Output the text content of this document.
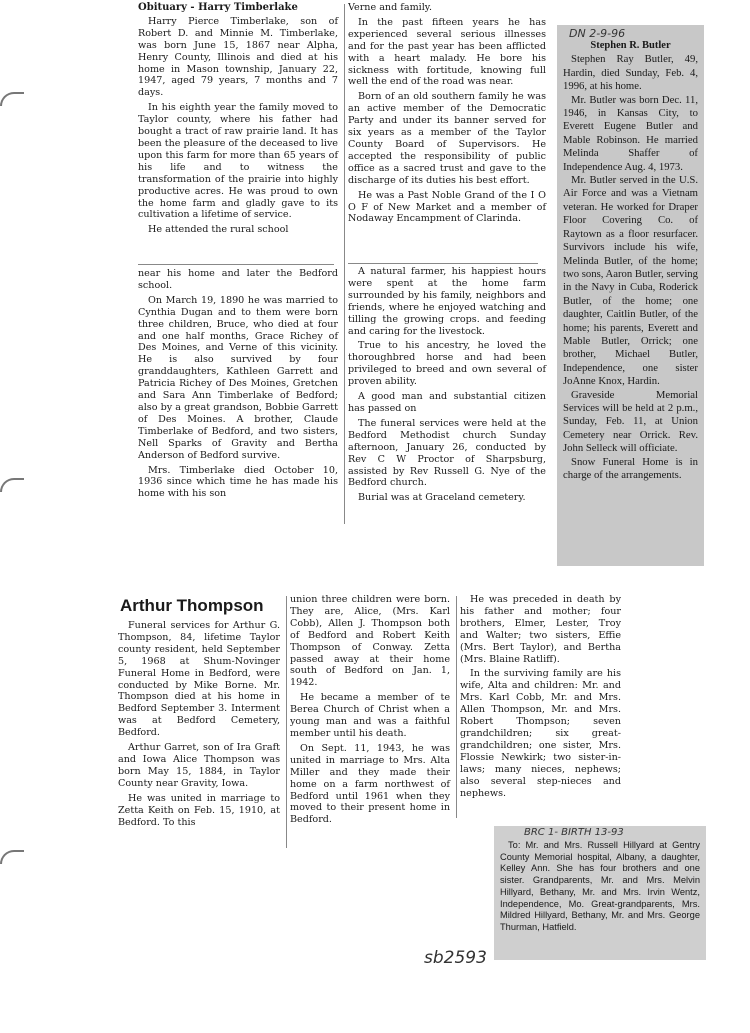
Obituary - Harry Timberlake

Harry Pierce Timberlake, son of Robert D. and Minnie M. Timberlake, was born June 15, 1867 near Alpha, Henry County, Illinois and died at his home in Mason township, January 22, 1947, aged 79 years, 7 months and 7 days.

In his eighth year the family moved to Taylor county, where his father had bought a tract of raw prairie land. It has been the pleasure of the deceased to live upon this farm for more than 65 years of his life and to witness the transformation of the prairie into highly productive acres. He was proud to own the home farm and gladly gave to its cultivation a lifetime of service.

He attended the rural school

near his home and later the Bedford school.

On March 19, 1890 he was married to Cynthia Dugan and to them were born three children, Bruce, who died at four and one half months, Grace Richey of Des Moines, and Verne of this vicinity. He is also survived by four granddaughters, Kathleen Garrett and Patricia Richey of Des Moines, Gretchen and Sara Ann Timberlake of Bedford; also by a great grandson, Bobbie Garrett of Des Moines. A brother, Claude Timberlake of Bedford, and two sisters, Nell Sparks of Gravity and Bertha Anderson of Bedford survive.

Mrs. Timberlake died October 10, 1936 since which time he has made his home with his son

Verne and family.

In the past fifteen years he has experienced several serious illnesses and for the past year has been afflicted with a heart malady. He bore his sickness with fortitude, knowing full well the end of the road was near.

Born of an old southern family he was an active member of the Democratic Party and under its banner served for six years as a member of the Taylor County Board of Supervisors. He accepted the responsibility of public office as a sacred trust and gave to the discharge of its duties his best effort.

He was a Past Noble Grand of the I O O F of New Market and a member of Nodaway Encampment of Clarinda.

A natural farmer, his happiest hours were spent at the home farm surrounded by his family, neighbors and friends, where he enjoyed watching and tilling the growing crops. and feeding and caring for the livestock.

True to his ancestry, he loved the thoroughbred horse and had been privileged to breed and own several of proven ability.

A good man and substantial citizen has passed on

The funeral services were held at the Bedford Methodist church Sunday afternoon, January 26, conducted by Rev C W Proctor of Sharpsburg, assisted by Rev Russell G. Nye of the Bedford church.

Burial was at Graceland cemetery.

DN 2-9-96

Stephen R. Butler

Stephen Ray Butler, 49, Hardin, died Sunday, Feb. 4, 1996, at his home.

Mr. Butler was born Dec. 11, 1946, in Kansas City, to Everett Eugene Butler and Mable Robinson. He married Melinda Shaffer of Independence Aug. 4, 1973.

Mr. Butler served in the U.S. Air Force and was a Vietnam veteran. He worked for Draper Floor Covering Co. of Raytown as a floor resurfacer. Survivors include his wife, Melinda Butler, of the home; two sons, Aaron Butler, serving in the Navy in Cuba, Roderick Butler, of the home; one daughter, Caitlin Butler, of the home; his parents, Everett and Mable Butler, Orrick; one brother, Michael Butler, Independence, one sister JoAnne Knox, Hardin.

Graveside Memorial Services will be held at 2 p.m., Sunday, Feb. 11, at Union Cemetery near Orrick. Rev. John Selleck will officiate.

Snow Funeral Home is in charge of the arrangements.

Arthur Thompson

Funeral services for Arthur G. Thompson, 84, lifetime Taylor county resident, held September 5, 1968 at Shum-Novinger Funeral Home in Bedford, were conducted by Mike Borne. Mr. Thompson died at his home in Bedford September 3. Interment was at Bedford Cemetery, Bedford.

Arthur Garret, son of Ira Graft and Iowa Alice Thompson was born May 15, 1884, in Taylor County near Gravity, Iowa.

He was united in marriage to Zetta Keith on Feb. 15, 1910, at Bedford. To this

union three children were born. They are, Alice, (Mrs. Karl Cobb), Allen J. Thompson both of Bedford and Robert Keith Thompson of Conway. Zetta passed away at their home south of Bedford on Jan. 1, 1942.

He became a member of te Berea Church of Christ when a young man and was a faithful member until his death.

On Sept. 11, 1943, he was united in marriage to Mrs. Alta Miller and they made their home on a farm northwest of Bedford until 1961 when they moved to their present home in Bedford.

He was preceded in death by his father and mother; four brothers, Elmer, Lester, Troy and Walter; two sisters, Effie (Mrs. Bert Taylor), and Bertha (Mrs. Blaine Ratliff).

In the surviving family are his wife, Alta and children: Mr. and Mrs. Karl Cobb, Mr. and Mrs. Allen Thompson, Mr. and Mrs. Robert Thompson; seven grandchildren; six great-grandchildren; one sister, Mrs. Flossie Newkirk; two sister-in-laws; many nieces, nephews; also several step-nieces and nephews.

BRC 1- BIRTH 13-93

To: Mr. and Mrs. Russell Hillyard at Gentry County Memorial hospital, Albany, a daughter, Kelley Ann. She has four brothers and one sister. Grandparents, Mr. and Mrs. Melvin Hillyard, Bethany, Mr. and Mrs. Irvin Wentz, Independence, Mo. Great-grandparents, Mrs. Mildred Hillyard, Bethany, Mr. and Mrs. George Thurman, Hatfield.

sb2593
